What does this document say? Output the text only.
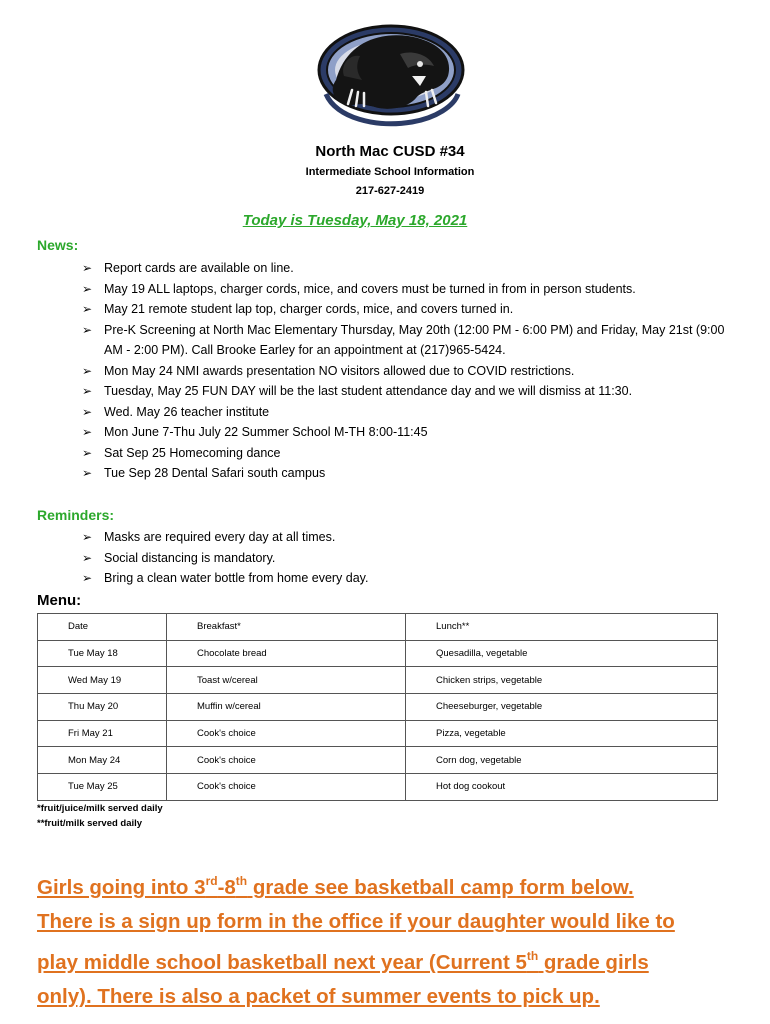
North Mac CUSD #34
Intermediate School Information
217-627-2419
Today is Tuesday, May 18, 2021
News:
➢ Report cards are available on line.
➢ May 19 ALL laptops, charger cords, mice, and covers must be turned in from in person students.
➢ May 21 remote student lap top, charger cords, mice, and covers turned in.
➢ Pre-K Screening at North Mac Elementary Thursday, May 20th (12:00 PM - 6:00 PM) and Friday, May 21st (9:00 AM - 2:00 PM). Call Brooke Earley for an appointment at (217)965-5424.
➢ Mon May 24 NMI awards presentation NO visitors allowed due to COVID restrictions.
➢ Tuesday, May 25 FUN DAY will be the last student attendance day and we will dismiss at 11:30.
➢ Wed. May 26 teacher institute
➢ Mon June 7-Thu July 22 Summer School M-TH 8:00-11:45
➢ Sat Sep 25 Homecoming dance
➢ Tue Sep 28 Dental Safari south campus
Reminders:
➢ Masks are required every day at all times.
➢ Social distancing is mandatory.
➢ Bring a clean water bottle from home every day.
Menu:
Date	Breakfast*	Lunch**
Tue May 18	Chocolate bread	Quesadilla, vegetable
Wed May 19	Toast w/cereal	Chicken strips, vegetable
Thu May 20	Muffin w/cereal	Cheeseburger, vegetable
Fri May 21	Cook's choice	Pizza, vegetable
Mon May 24	Cook's choice	Corn dog, vegetable
Tue May 25	Cook's choice	Hot dog cookout
*fruit/juice/milk served daily
**fruit/milk served daily

Girls going into 3rd-8th grade see basketball camp form below.

There is a sign up form in the office if your daughter would like to

play middle school basketball next year (Current 5th grade girls

only). There is also a packet of summer events to pick up.
